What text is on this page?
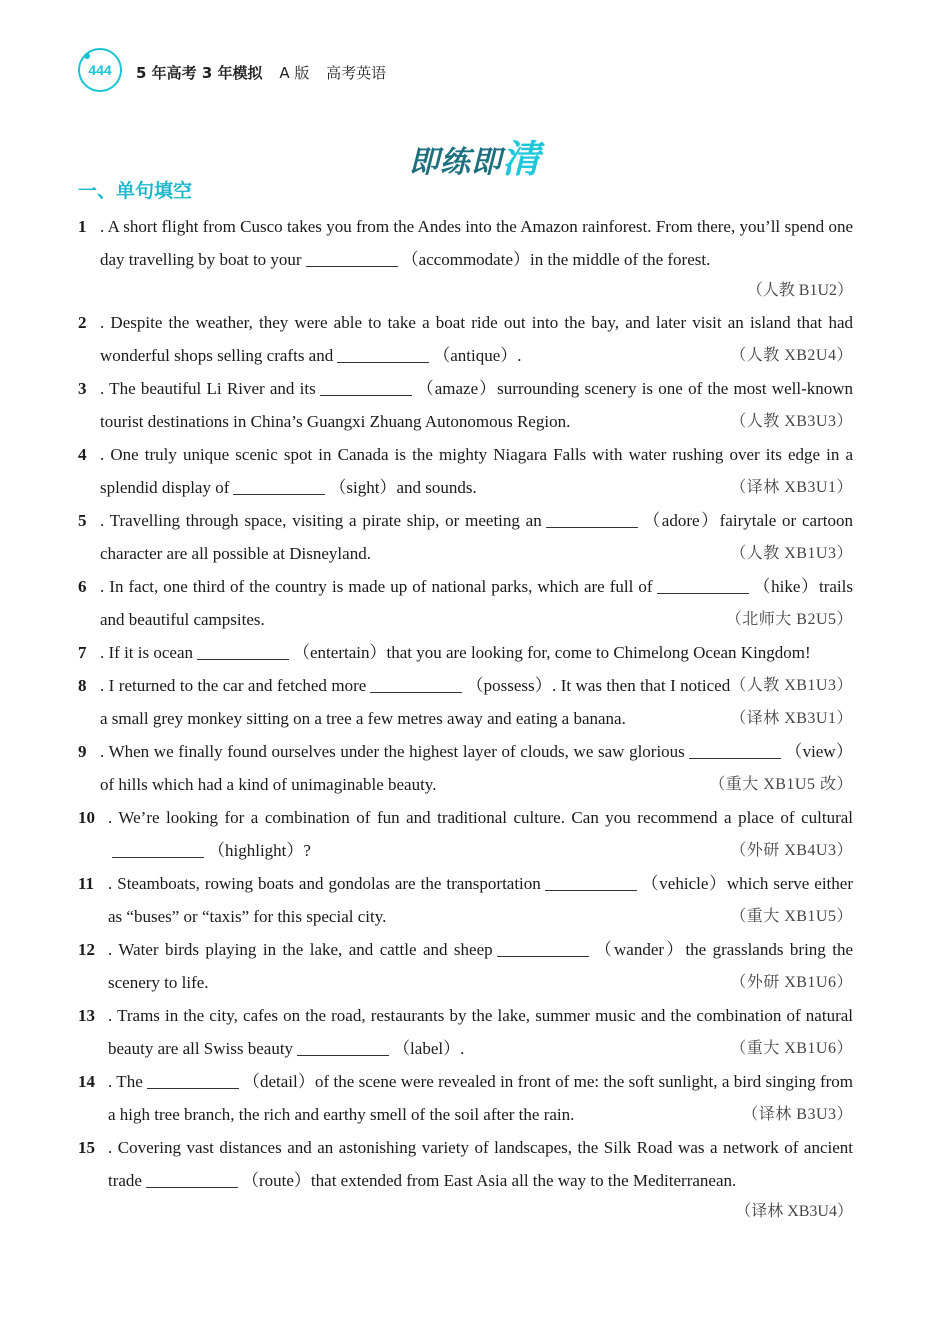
444 5 年高考 3 年模拟 A 版 高考英语
即练即清
一、单句填空
1 . A short flight from Cusco takes you from the Andes into the Amazon rainforest. From there, you’ll spend one day travelling by boat to your	（accommodate）in the middle of the forest.
（人教 B1U2）
2 . Despite the weather, they were able to take a boat ride out into the bay, and later visit an island that had wonderful shops selling crafts and	（antique）.	（人教 XB2U4）
3 . The beautiful Li River and its	（amaze）surrounding scenery is one of the most well-known tourist destinations in China’s Guangxi Zhuang Autonomous Region.	（人教 XB3U3）
4 . One truly unique scenic spot in Canada is the mighty Niagara Falls with water rushing over its edge in a splendid display of	（sight）and sounds.	（译林 XB3U1）
5 . Travelling through space, visiting a pirate ship, or meeting an	（adore）fairytale or cartoon character are all possible at Disneyland.	（人教 XB1U3）
6 . In fact, one third of the country is made up of national parks, which are full of	（hike）trails and beautiful campsites.	（北师大 B2U5）
7 . If it is ocean	（entertain）that you are looking for, come to Chimelong Ocean Kingdom!
（人教 XB1U3）
8 . I returned to the car and fetched more	（possess）. It was then that I noticed a small grey monkey sitting on a tree a few metres away and eating a banana.	（译林 XB3U1）
9 . When we finally found ourselves under the highest layer of clouds, we saw glorious	（view）of hills which had a kind of unimaginable beauty.	（重大 XB1U5 改）
10 . We’re looking for a combination of fun and traditional culture. Can you recommend a place of cultural（highlight）?	（外研 XB4U3）
11 . Steamboats, rowing boats and gondolas are the transportation	（vehicle）which serve either as “buses” or “taxis” for this special city.	（重大 XB1U5）
12 . Water birds playing in the lake, and cattle and sheep	（wander）the grasslands bring the scenery to life.	（外研 XB1U6）
13 . Trams in the city, cafes on the road, restaurants by the lake, summer music and the combination of natural beauty are all Swiss beauty	（label）.	（重大 XB1U6）
14 . The	（detail）of the scene were revealed in front of me: the soft sunlight, a bird singing from a high tree branch, the rich and earthy smell of the soil after the rain.	（译林 B3U3）
15 . Covering vast distances and an astonishing variety of landscapes, the Silk Road was a network of ancient trade	（route）that extended from East Asia all the way to the Mediterranean.
（译林 XB3U4）
